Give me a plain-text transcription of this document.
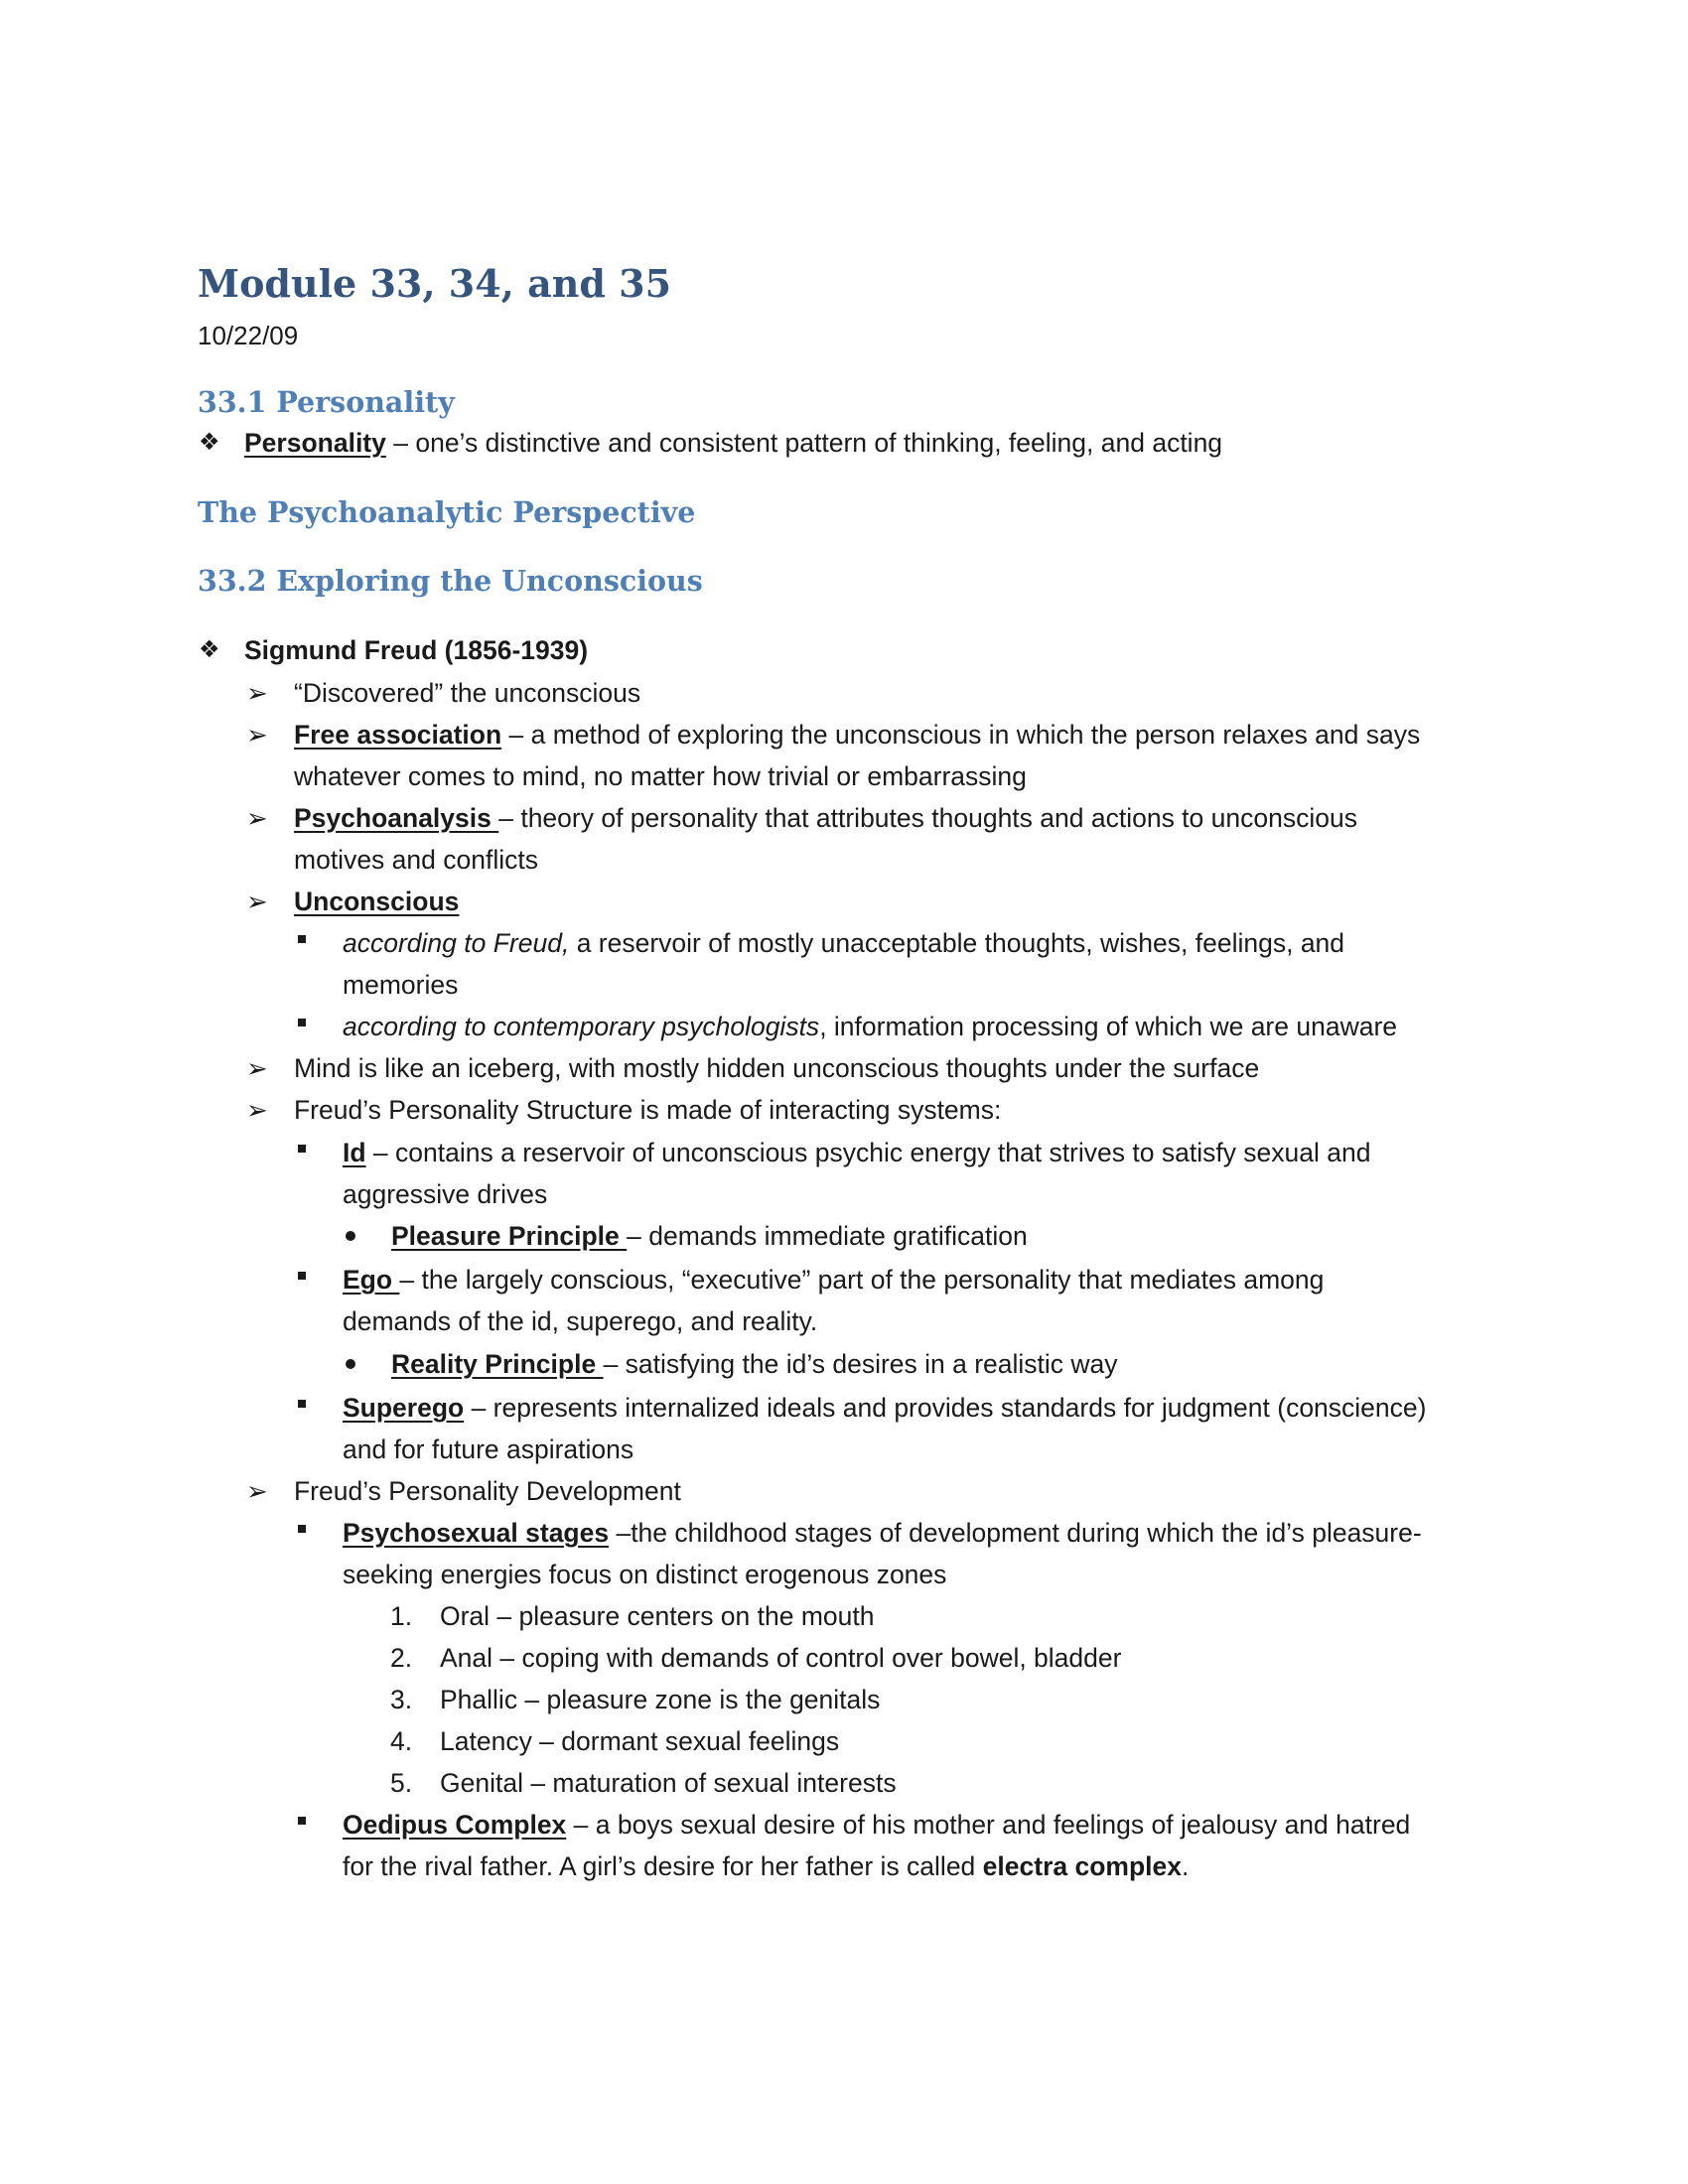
Module 33, 34, and 35
10/22/09
33.1 Personality
❖ Personality – one’s distinctive and consistent pattern of thinking, feeling, and acting
The Psychoanalytic Perspective
33.2 Exploring the Unconscious
❖ Sigmund Freud (1856-1939)
➢ “Discovered” the unconscious
➢ Free association – a method of exploring the unconscious in which the person relaxes and says
whatever comes to mind, no matter how trivial or embarrassing
➢ Psychoanalysis – theory of personality that attributes thoughts and actions to unconscious
motives and conflicts
➢ Unconscious
according to Freud, a reservoir of mostly unacceptable thoughts, wishes, feelings, and
memories
according to contemporary psychologists, information processing of which we are unaware
➢ Mind is like an iceberg, with mostly hidden unconscious thoughts under the surface
➢ Freud’s Personality Structure is made of interacting systems:
Id – contains a reservoir of unconscious psychic energy that strives to satisfy sexual and
aggressive drives
Pleasure Principle – demands immediate gratification
Ego – the largely conscious, “executive” part of the personality that mediates among
demands of the id, superego, and reality.
Reality Principle – satisfying the id’s desires in a realistic way
Superego – represents internalized ideals and provides standards for judgment (conscience)
and for future aspirations
➢ Freud’s Personality Development
Psychosexual stages –the childhood stages of development during which the id’s pleasure-
seeking energies focus on distinct erogenous zones
1. Oral – pleasure centers on the mouth
2. Anal – coping with demands of control over bowel, bladder
3. Phallic – pleasure zone is the genitals
4. Latency – dormant sexual feelings
5. Genital – maturation of sexual interests
Oedipus Complex – a boys sexual desire of his mother and feelings of jealousy and hatred
for the rival father. A girl’s desire for her father is called electra complex.
